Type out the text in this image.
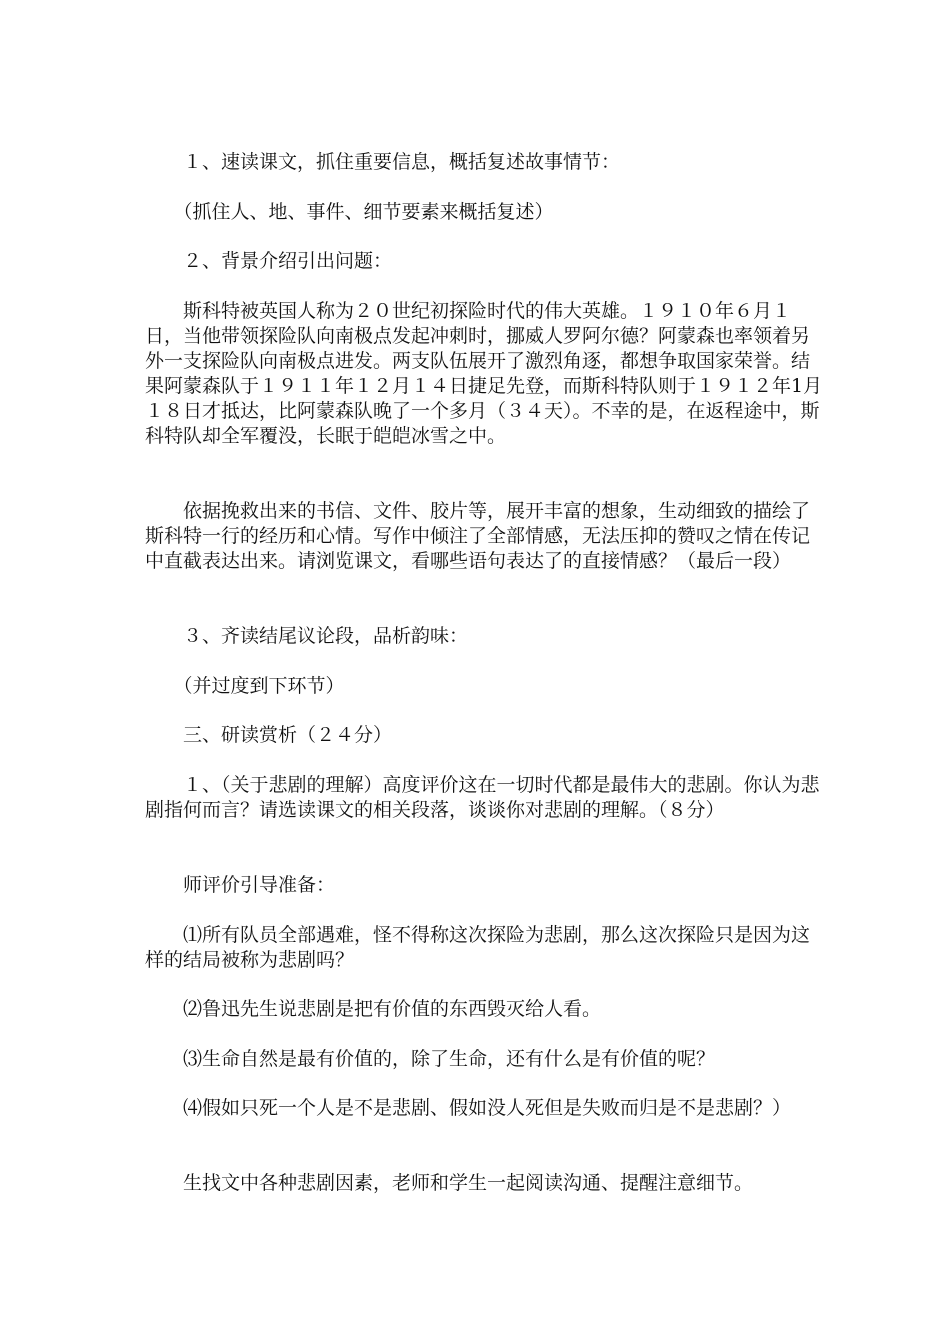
　　１、速读课文，抓住重要信息，概括复述故事情节：

　　（抓住人、地、事件、细节要素来概括复述）

　　２、背景介绍引出问题：

　　斯科特被英国人称为２０世纪初探险时代的伟大英雄。１９１０年６月１日，当他带领探险队向南极点发起冲刺时，挪威人罗阿尔德？阿蒙森也率领着另外一支探险队向南极点进发。两支队伍展开了激烈角逐，都想争取国家荣誉。结果阿蒙森队于１９１１年１２月１４日捷足先登，而斯科特队则于１９１２年1月１８日才抵达，比阿蒙森队晚了一个多月（３４天）。不幸的是，在返程途中，斯科特队却全军覆没，长眠于皑皑冰雪之中。

　　依据挽救出来的书信、文件、胶片等，展开丰富的想象，生动细致的描绘了斯科特一行的经历和心情。写作中倾注了全部情感，无法压抑的赞叹之情在传记中直截表达出来。请浏览课文，看哪些语句表达了的直接情感？（最后一段）

　　３、齐读结尾议论段，品析韵味：

　　（并过度到下环节）

　　三、研读赏析（２４分）

　　１、（关于悲剧的理解）高度评价这在一切时代都是最伟大的悲剧。你认为悲剧指何而言？请选读课文的相关段落，谈谈你对悲剧的理解。（８分）

　　师评价引导准备：

　　⑴所有队员全部遇难，怪不得称这次探险为悲剧，那么这次探险只是因为这样的结局被称为悲剧吗？

　　⑵鲁迅先生说悲剧是把有价值的东西毁灭给人看。

　　⑶生命自然是最有价值的，除了生命，还有什么是有价值的呢？

　　⑷假如只死一个人是不是悲剧、假如没人死但是失败而归是不是悲剧？）

　　生找文中各种悲剧因素，老师和学生一起阅读沟通、提醒注意细节。
